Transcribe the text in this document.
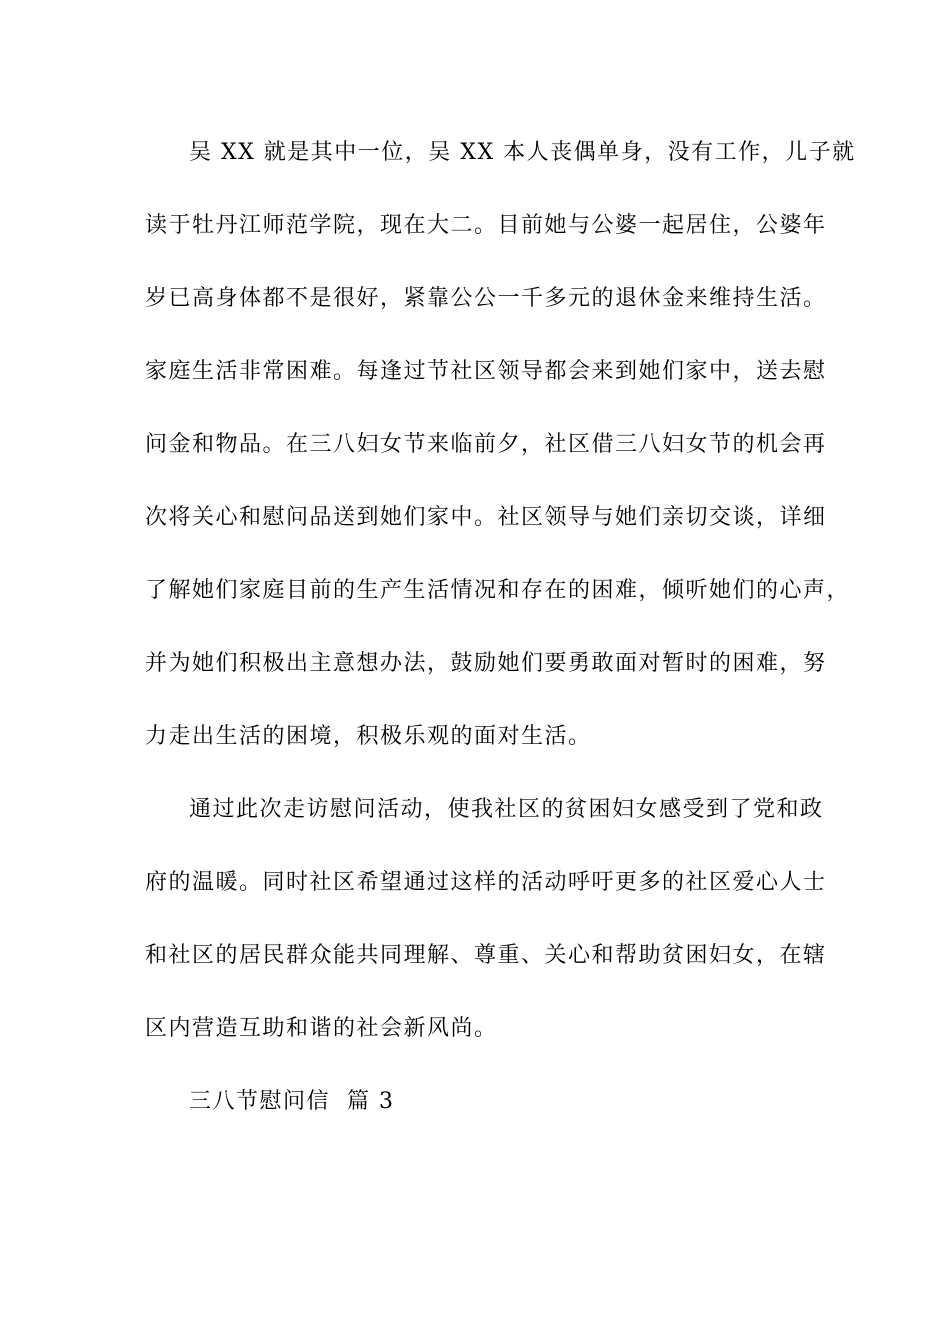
吴 XX 就是其中一位，吴 XX 本人丧偶单身，没有工作，儿子就
读于牡丹江师范学院，现在大二。目前她与公婆一起居住，公婆年
岁已高身体都不是很好，紧靠公公一千多元的退休金来维持生活。
家庭生活非常困难。每逢过节社区领导都会来到她们家中，送去慰
问金和物品。在三八妇女节来临前夕，社区借三八妇女节的机会再
次将关心和慰问品送到她们家中。社区领导与她们亲切交谈，详细
了解她们家庭目前的生产生活情况和存在的困难，倾听她们的心声，
并为她们积极出主意想办法，鼓励她们要勇敢面对暂时的困难，努
力走出生活的困境，积极乐观的面对生活。
通过此次走访慰问活动，使我社区的贫困妇女感受到了党和政
府的温暖。同时社区希望通过这样的活动呼吁更多的社区爱心人士
和社区的居民群众能共同理解、尊重、关心和帮助贫困妇女，在辖
区内营造互助和谐的社会新风尚。
三八节慰问信  篇 3
